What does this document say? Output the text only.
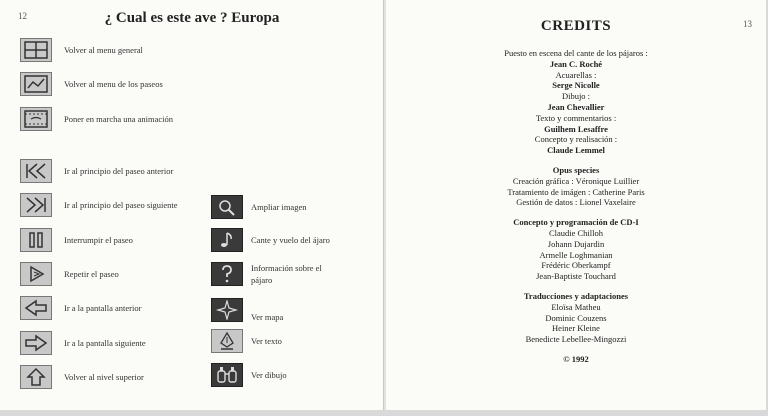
12	¿ Cual es este ave ? Europa
Volver al menu general
Volver al menu de los paseos
Poner en marcha una animación
Ir al principio del paseo anterior
Ir al principio del paseo siguiente
Interrumpir el paseo
Repetir el paseo
Ir a la pantalla anterior
Ir a la pantalla siguiente
Volver al nivel superior
Ampliar imagen
Cante y vuelo del ájaro
Información sobre el pájaro
Ver mapa
Ver texto
Ver dibujo
13
CREDITS
Puesto en escena del cante de los pájaros :
Jean C. Roché
Acuarellas :
Serge Nicolle
Dibujo :
Jean Chevallier
Texto y commentarios :
Guilhem Lesaffre
Concepto y realisación :
Claude Lemmel
Opus species
Creación gráfica : Véronique Luillier
Tratamiento de imágen : Catherine Paris
Gestión de datos : Lionel Vaxelaire
Concepto y programación de CD-I
Claudie Chilloh
Johann Dujardin
Armelle Loghmanian
Frédéric Oberkampf
Jean-Baptiste Touchard
Traducciones y adaptaciones
Eloïsa Matheu
Dominic Couzens
Heiner Kleine
Benedicte Lebellee-Mingozzi
© 1992
